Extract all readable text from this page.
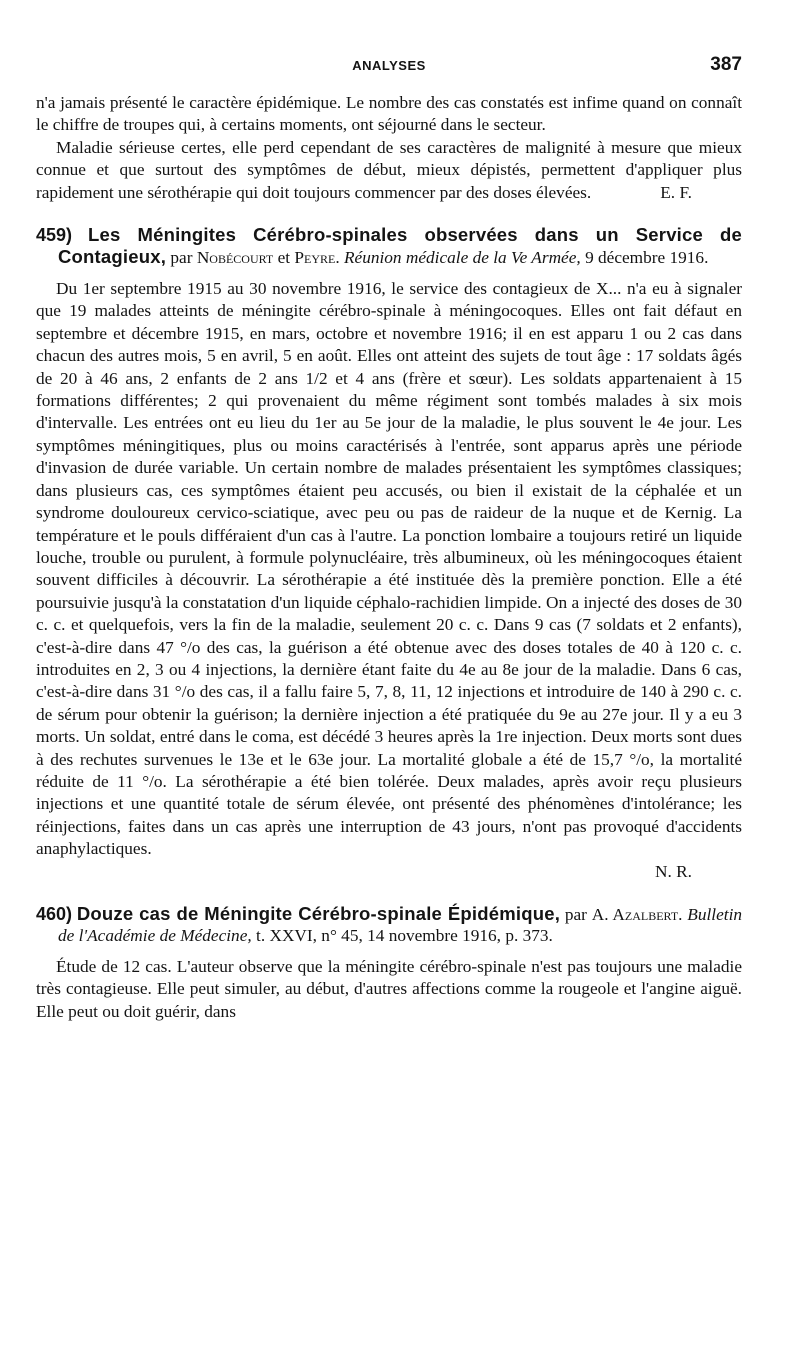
ANALYSES	387

n'a jamais présenté le caractère épidémique. Le nombre des cas constatés est infime quand on connaît le chiffre de troupes qui, à certains moments, ont séjourné dans le secteur.

Maladie sérieuse certes, elle perd cependant de ses caractères de malignité à mesure que mieux connue et que surtout des symptômes de début, mieux dépistés, permettent d'appliquer plus rapidement une sérothérapie qui doit toujours commencer par des doses élevées.	E. F.

459) Les Méningites Cérébro-spinales observées dans un Service de Contagieux, par Nobécourt et Peyre. Réunion médicale de la Ve Armée, 9 décembre 1916.

Du 1er septembre 1915 au 30 novembre 1916, le service des contagieux de X... n'a eu à signaler que 19 malades atteints de méningite cérébro-spinale à méningocoques. Elles ont fait défaut en septembre et décembre 1915, en mars, octobre et novembre 1916; il en est apparu 1 ou 2 cas dans chacun des autres mois, 5 en avril, 5 en août. Elles ont atteint des sujets de tout âge : 17 soldats âgés de 20 à 46 ans, 2 enfants de 2 ans 1/2 et 4 ans (frère et sœur). Les soldats appartenaient à 15 formations différentes; 2 qui provenaient du même régiment sont tombés malades à six mois d'intervalle. Les entrées ont eu lieu du 1er au 5e jour de la maladie, le plus souvent le 4e jour. Les symptômes méningitiques, plus ou moins caractérisés à l'entrée, sont apparus après une période d'invasion de durée variable. Un certain nombre de malades présentaient les symptômes classiques; dans plusieurs cas, ces symptômes étaient peu accusés, ou bien il existait de la céphalée et un syndrome douloureux cervico-sciatique, avec peu ou pas de raideur de la nuque et de Kernig. La température et le pouls différaient d'un cas à l'autre. La ponction lombaire a toujours retiré un liquide louche, trouble ou purulent, à formule polynucléaire, très albumineux, où les méningocoques étaient souvent difficiles à découvrir. La sérothérapie a été instituée dès la première ponction. Elle a été poursuivie jusqu'à la constatation d'un liquide céphalo-rachidien limpide. On a injecté des doses de 30 c. c. et quelquefois, vers la fin de la maladie, seulement 20 c. c. Dans 9 cas (7 soldats et 2 enfants), c'est-à-dire dans 47 °/o des cas, la guérison a été obtenue avec des doses totales de 40 à 120 c. c. introduites en 2, 3 ou 4 injections, la dernière étant faite du 4e au 8e jour de la maladie. Dans 6 cas, c'est-à-dire dans 31 °/o des cas, il a fallu faire 5, 7, 8, 11, 12 injections et introduire de 140 à 290 c. c. de sérum pour obtenir la guérison; la dernière injection a été pratiquée du 9e au 27e jour. Il y a eu 3 morts. Un soldat, entré dans le coma, est décédé 3 heures après la 1re injection. Deux morts sont dues à des rechutes survenues le 13e et le 63e jour. La mortalité globale a été de 15,7 °/o, la mortalité réduite de 11 °/o. La sérothérapie a été bien tolérée. Deux malades, après avoir reçu plusieurs injections et une quantité totale de sérum élevée, ont présenté des phénomènes d'intolérance; les réinjections, faites dans un cas après une interruption de 43 jours, n'ont pas provoqué d'accidents anaphylactiques.

N. R.
460) Douze cas de Méningite Cérébro-spinale Épidémique, par A. Azalbert. Bulletin de l'Académie de Médecine, t. XXVI, n° 45, 14 novembre 1916, p. 373.

Étude de 12 cas. L'auteur observe que la méningite cérébro-spinale n'est pas toujours une maladie très contagieuse. Elle peut simuler, au début, d'autres affections comme la rougeole et l'angine aiguë. Elle peut ou doit guérir, dans
